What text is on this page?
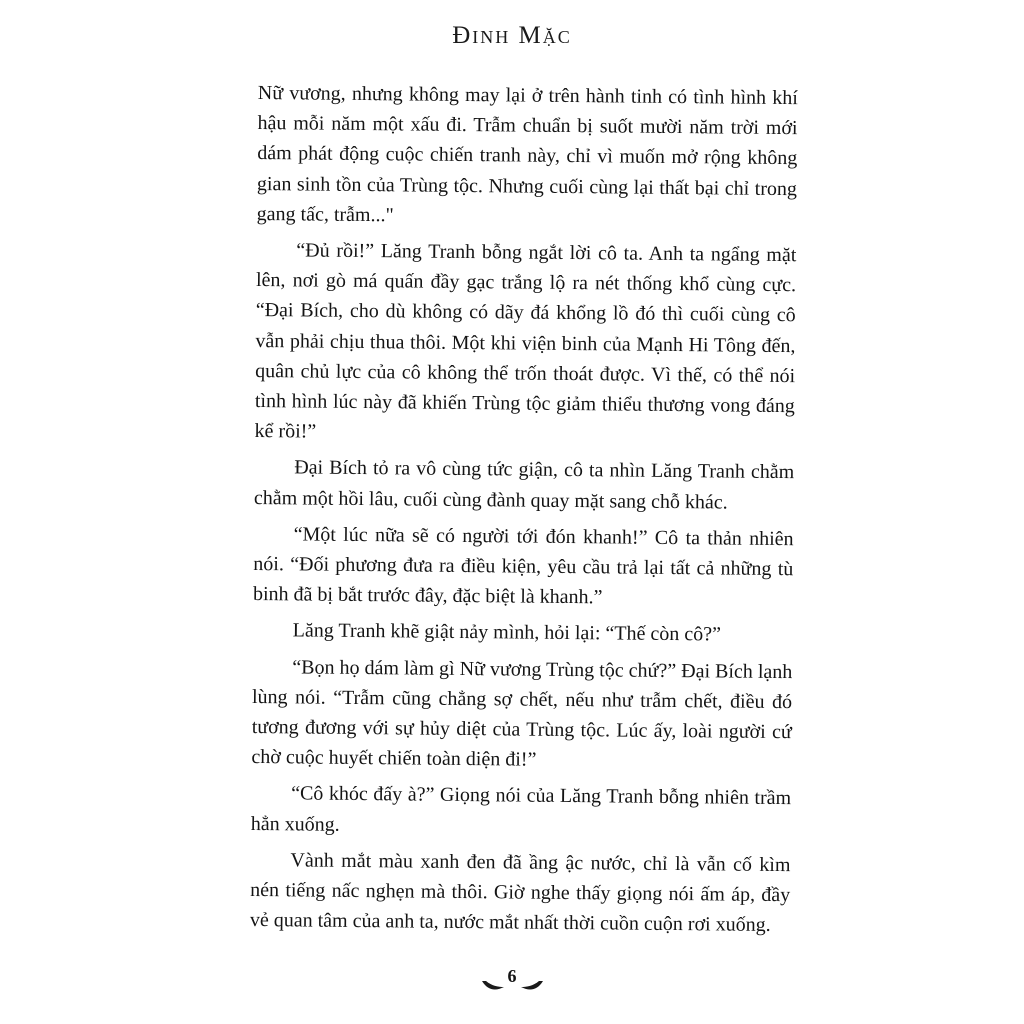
Đinh Mặc

Nữ vương, nhưng không may lại ở trên hành tinh có tình hình khí hậu mỗi năm một xấu đi. Trẫm chuẩn bị suốt mười năm trời mới dám phát động cuộc chiến tranh này, chỉ vì muốn mở rộng không gian sinh tồn của Trùng tộc. Nhưng cuối cùng lại thất bại chỉ trong gang tấc, trẫm..."

“Đủ rồi!” Lăng Tranh bỗng ngắt lời cô ta. Anh ta ngẩng mặt lên, nơi gò má quấn đầy gạc trắng lộ ra nét thống khổ cùng cực. “Đại Bích, cho dù không có dãy đá khổng lồ đó thì cuối cùng cô vẫn phải chịu thua thôi. Một khi viện binh của Mạnh Hi Tông đến, quân chủ lực của cô không thể trốn thoát được. Vì thế, có thể nói tình hình lúc này đã khiến Trùng tộc giảm thiểu thương vong đáng kể rồi!”

Đại Bích tỏ ra vô cùng tức giận, cô ta nhìn Lăng Tranh chằm chằm một hồi lâu, cuối cùng đành quay mặt sang chỗ khác.

“Một lúc nữa sẽ có người tới đón khanh!” Cô ta thản nhiên nói. “Đối phương đưa ra điều kiện, yêu cầu trả lại tất cả những tù binh đã bị bắt trước đây, đặc biệt là khanh.”

Lăng Tranh khẽ giật nảy mình, hỏi lại: “Thế còn cô?”

“Bọn họ dám làm gì Nữ vương Trùng tộc chứ?” Đại Bích lạnh lùng nói. “Trẫm cũng chẳng sợ chết, nếu như trẫm chết, điều đó tương đương với sự hủy diệt của Trùng tộc. Lúc ấy, loài người cứ chờ cuộc huyết chiến toàn diện đi!”

“Cô khóc đấy à?” Giọng nói của Lăng Tranh bỗng nhiên trầm hẳn xuống.

Vành mắt màu xanh đen đã ầng ậc nước, chỉ là vẫn cố kìm nén tiếng nấc nghẹn mà thôi. Giờ nghe thấy giọng nói ấm áp, đầy vẻ quan tâm của anh ta, nước mắt nhất thời cuồn cuộn rơi xuống.

6
